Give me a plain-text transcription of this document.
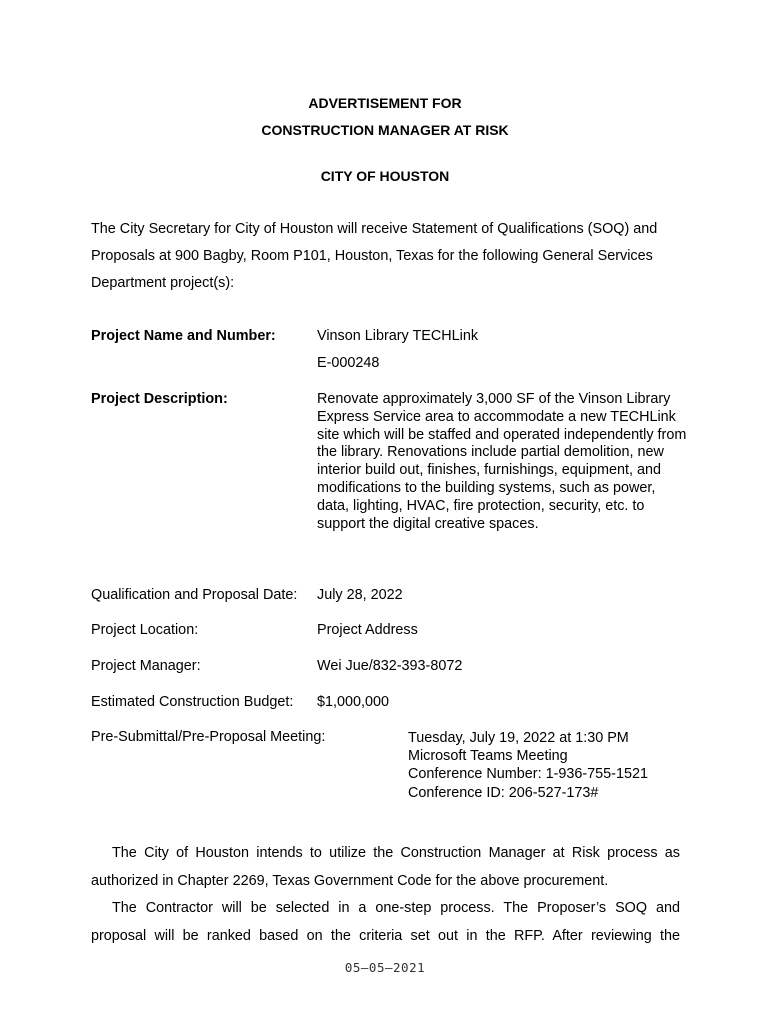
ADVERTISEMENT FOR
CONSTRUCTION MANAGER AT RISK
CITY OF HOUSTON
The City Secretary for City of Houston will receive Statement of Qualifications (SOQ) and
Proposals at 900 Bagby, Room P101, Houston, Texas for the following General Services
Department project(s):
Project Name and Number:	Vinson Library TECHLink
E-000248
Project Description:	Renovate approximately 3,000 SF of the Vinson Library Express Service area to accommodate a new TECHLink site which will be staffed and operated independently from the library. Renovations include partial demolition, new interior build out, finishes, furnishings, equipment, and modifications to the building systems, such as power, data, lighting, HVAC, fire protection, security, etc. to support the digital creative spaces.
Qualification and Proposal Date: July 28, 2022
Project Location:	Project Address
Project Manager:	Wei Jue/832-393-8072
Estimated Construction Budget: $1,000,000
Pre-Submittal/Pre-Proposal Meeting:	Tuesday, July 19, 2022 at 1:30 PM
Microsoft Teams Meeting
Conference Number: 1-936-755-1521
Conference ID: 206-527-173#
The City of Houston intends to utilize the Construction Manager at Risk process as
authorized in Chapter 2269, Texas Government Code for the above procurement.
The Contractor will be selected in a one-step process. The Proposer’s SOQ and
proposal will be ranked based on the criteria set out in the RFP. After reviewing the
05–05–2021
